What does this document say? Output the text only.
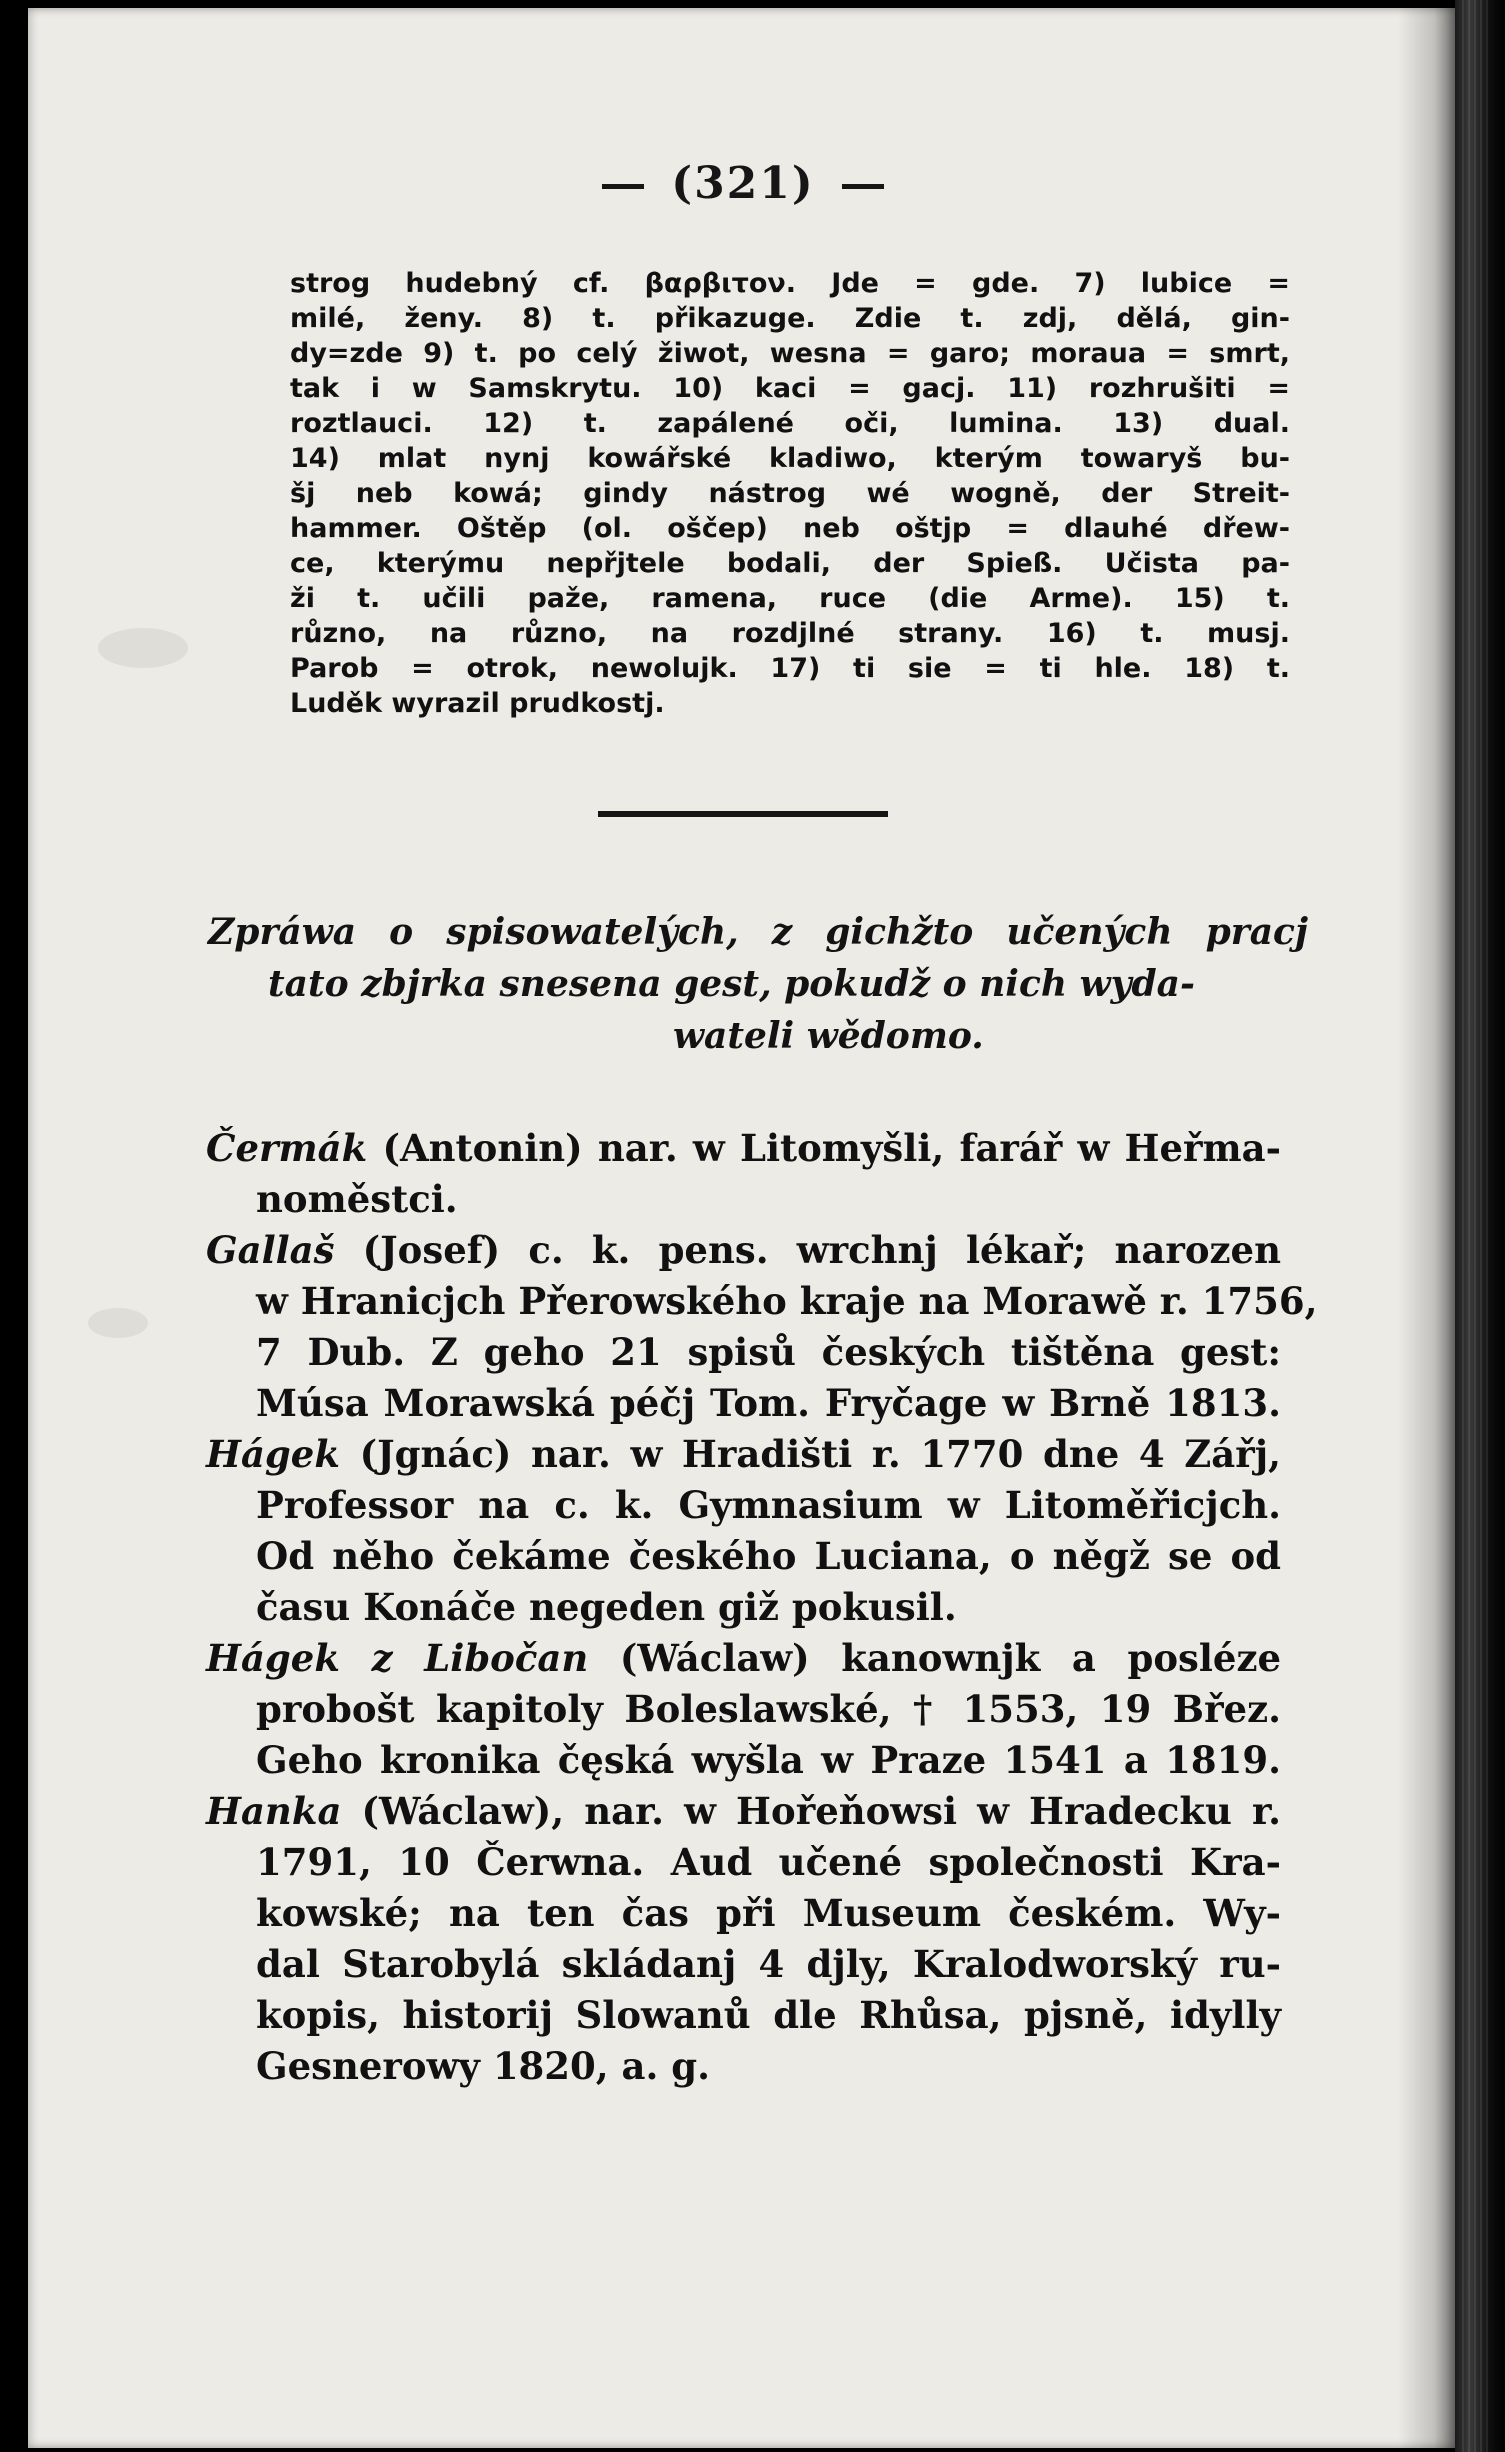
(321)
strog hudebný cf. βαρβιτον. Jde = gde. 7) lubice =
milé, ženy. 8) t. přikazuge. Zdie t. zdj, dělá, gin-
dy=zde 9) t. po celý žiwot, wesna = garo; moraua = smrt,
tak i w Samskrytu. 10) kaci = gacj. 11) rozhrušiti =
roztlauci. 12) t. zapálené oči, lumina. 13) dual.
14) mlat nynj kowářské kladiwo, kterým towaryš bu-
šj neb kowá; gindy nástrog wé wogně, der Streit-
hammer. Oštěp (ol. oščep) neb oštjp = dlauhé dřew-
ce, kterýmu nepřjtele bodali, der Spieß. Učista pa-
ži t. učili paže, ramena, ruce (die Arme). 15) t.
různo, na různo, na rozdjlné strany. 16) t. musj.
Parob = otrok, newolujk. 17) ti sie = ti hle. 18) t.
Luděk wyrazil prudkostj.
Zpráwa o spisowatelých, z gichžto učených pracj
tato zbjrka snesena gest, pokudž o nich wyda-
wateli wědomo.
Čermák (Antonin) nar. w Litomyšli, farář w Heřma-
noměstci.
Gallaš (Josef) c. k. pens. wrchnj lékař; narozen
w Hranicjch Přerowského kraje na Morawě r. 1756,
7 Dub. Z geho 21 spisů českých tištěna gest:
Músa Morawská péčj Tom. Fryčage w Brně 1813.
Hágek (Jgnác) nar. w Hradišti r. 1770 dne 4 Zářj,
Professor na c. k. Gymnasium w Litoměřicjch.
Od něho čekáme českého Luciana, o něgž se od
času Konáče negeden giž pokusil.
Hágek z Libočan (Wáclaw) kanownjk a posléze
probošt kapitoly Boleslawské, † 1553, 19 Břez.
Geho kronika čęská wyšla w Praze 1541 a 1819.
Hanka (Wáclaw), nar. w Hořeňowsi w Hradecku r.
1791, 10 Čerwna. Aud učené společnosti Kra-
kowské; na ten čas při Museum českém. Wy-
dal Starobylá skládanj 4 djly, Kralodworský ru-
kopis, historij Slowanů dle Rhůsa, pjsně, idylly
Gesnerowy 1820, a. g.
